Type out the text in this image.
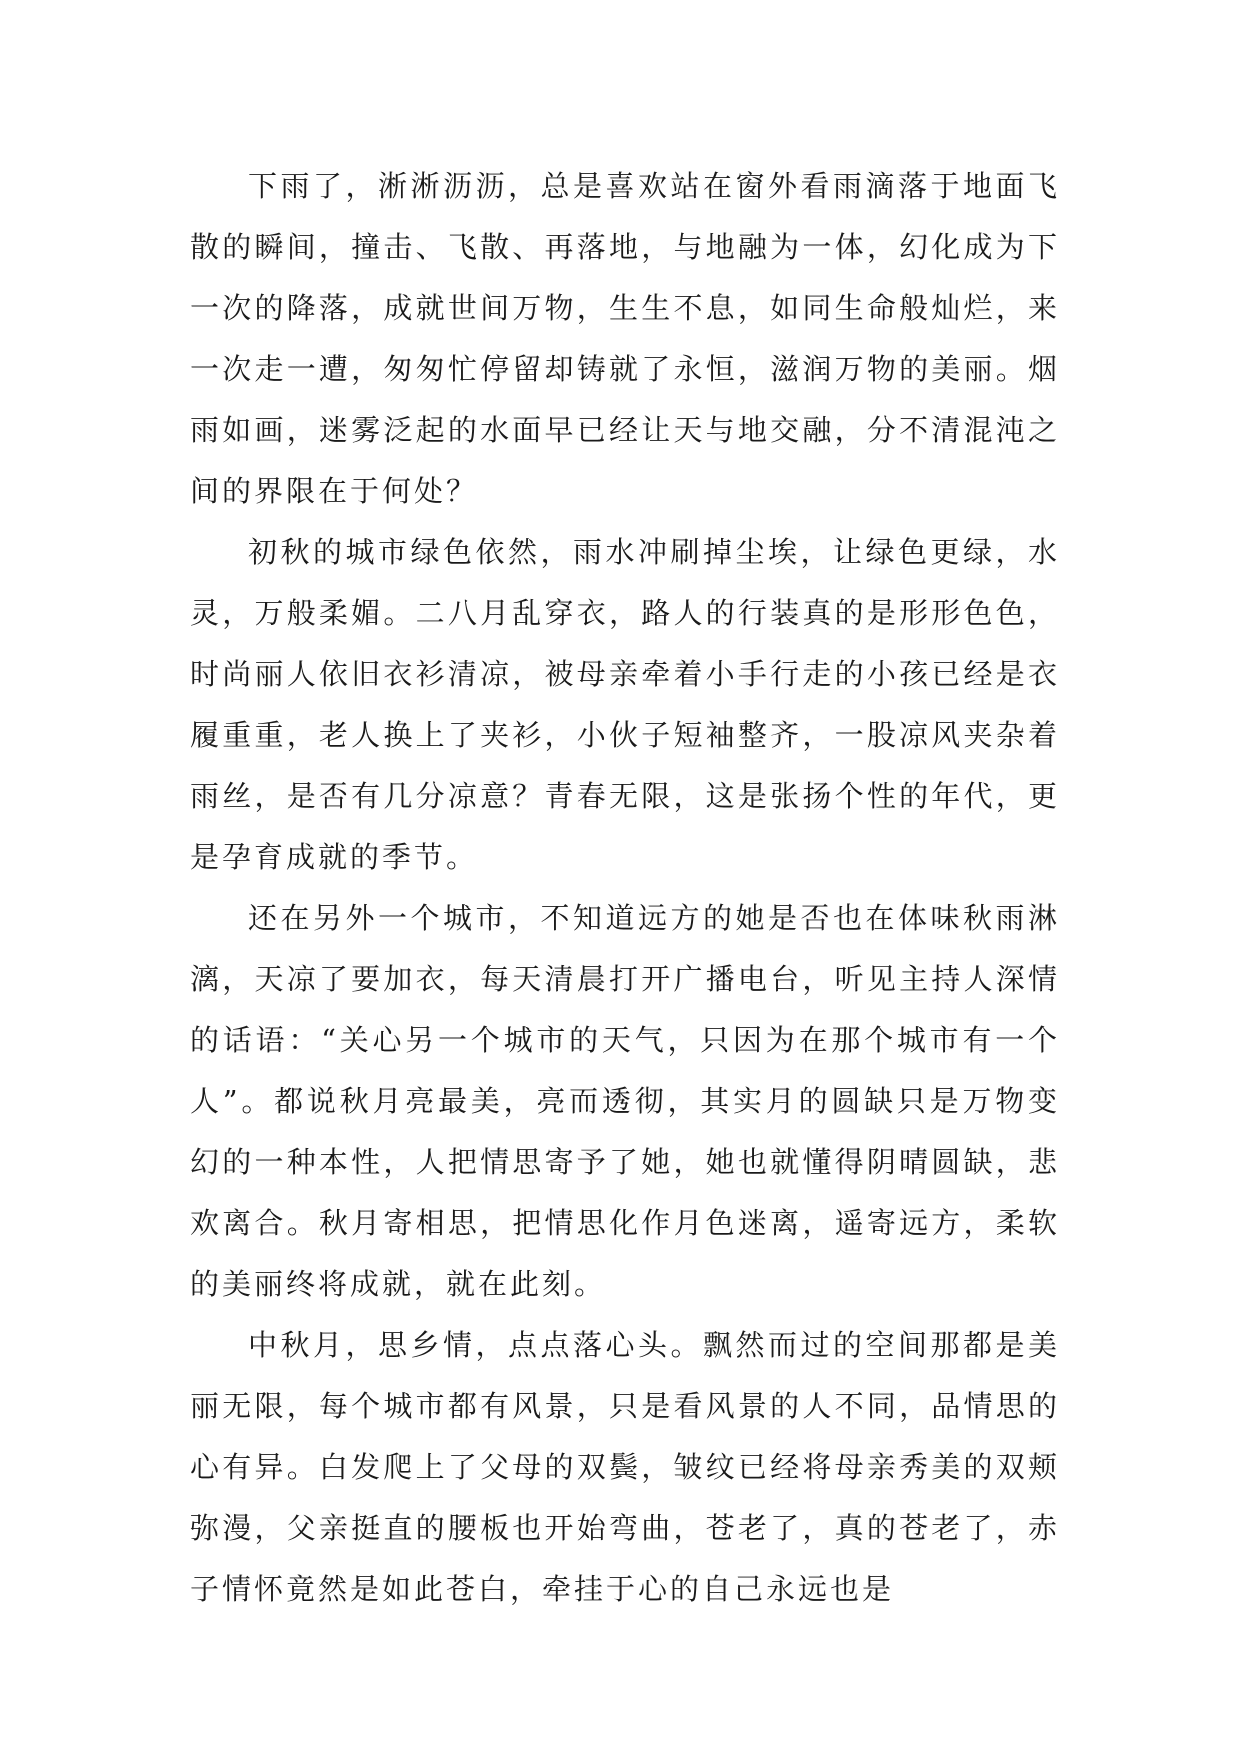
下雨了，淅淅沥沥，总是喜欢站在窗外看雨滴落于地面飞散的瞬间，撞击、飞散、再落地，与地融为一体，幻化成为下一次的降落，成就世间万物，生生不息，如同生命般灿烂，来一次走一遭，匆匆忙停留却铸就了永恒，滋润万物的美丽。烟雨如画，迷雾泛起的水面早已经让天与地交融，分不清混沌之间的界限在于何处？

初秋的城市绿色依然，雨水冲刷掉尘埃，让绿色更绿，水灵，万般柔媚。二八月乱穿衣，路人的行装真的是形形色色，时尚丽人依旧衣衫清凉，被母亲牵着小手行走的小孩已经是衣履重重，老人换上了夹衫，小伙子短袖整齐，一股凉风夹杂着雨丝，是否有几分凉意？青春无限，这是张扬个性的年代，更是孕育成就的季节。

还在另外一个城市，不知道远方的她是否也在体味秋雨淋漓，天凉了要加衣，每天清晨打开广播电台，听见主持人深情的话语：“关心另一个城市的天气，只因为在那个城市有一个人”。都说秋月亮最美，亮而透彻，其实月的圆缺只是万物变幻的一种本性，人把情思寄予了她，她也就懂得阴晴圆缺，悲欢离合。秋月寄相思，把情思化作月色迷离，遥寄远方，柔软的美丽终将成就，就在此刻。

中秋月，思乡情，点点落心头。飘然而过的空间那都是美丽无限，每个城市都有风景，只是看风景的人不同，品情思的心有异。白发爬上了父母的双鬓，皱纹已经将母亲秀美的双颊弥漫，父亲挺直的腰板也开始弯曲，苍老了，真的苍老了，赤子情怀竟然是如此苍白，牵挂于心的自己永远也是
